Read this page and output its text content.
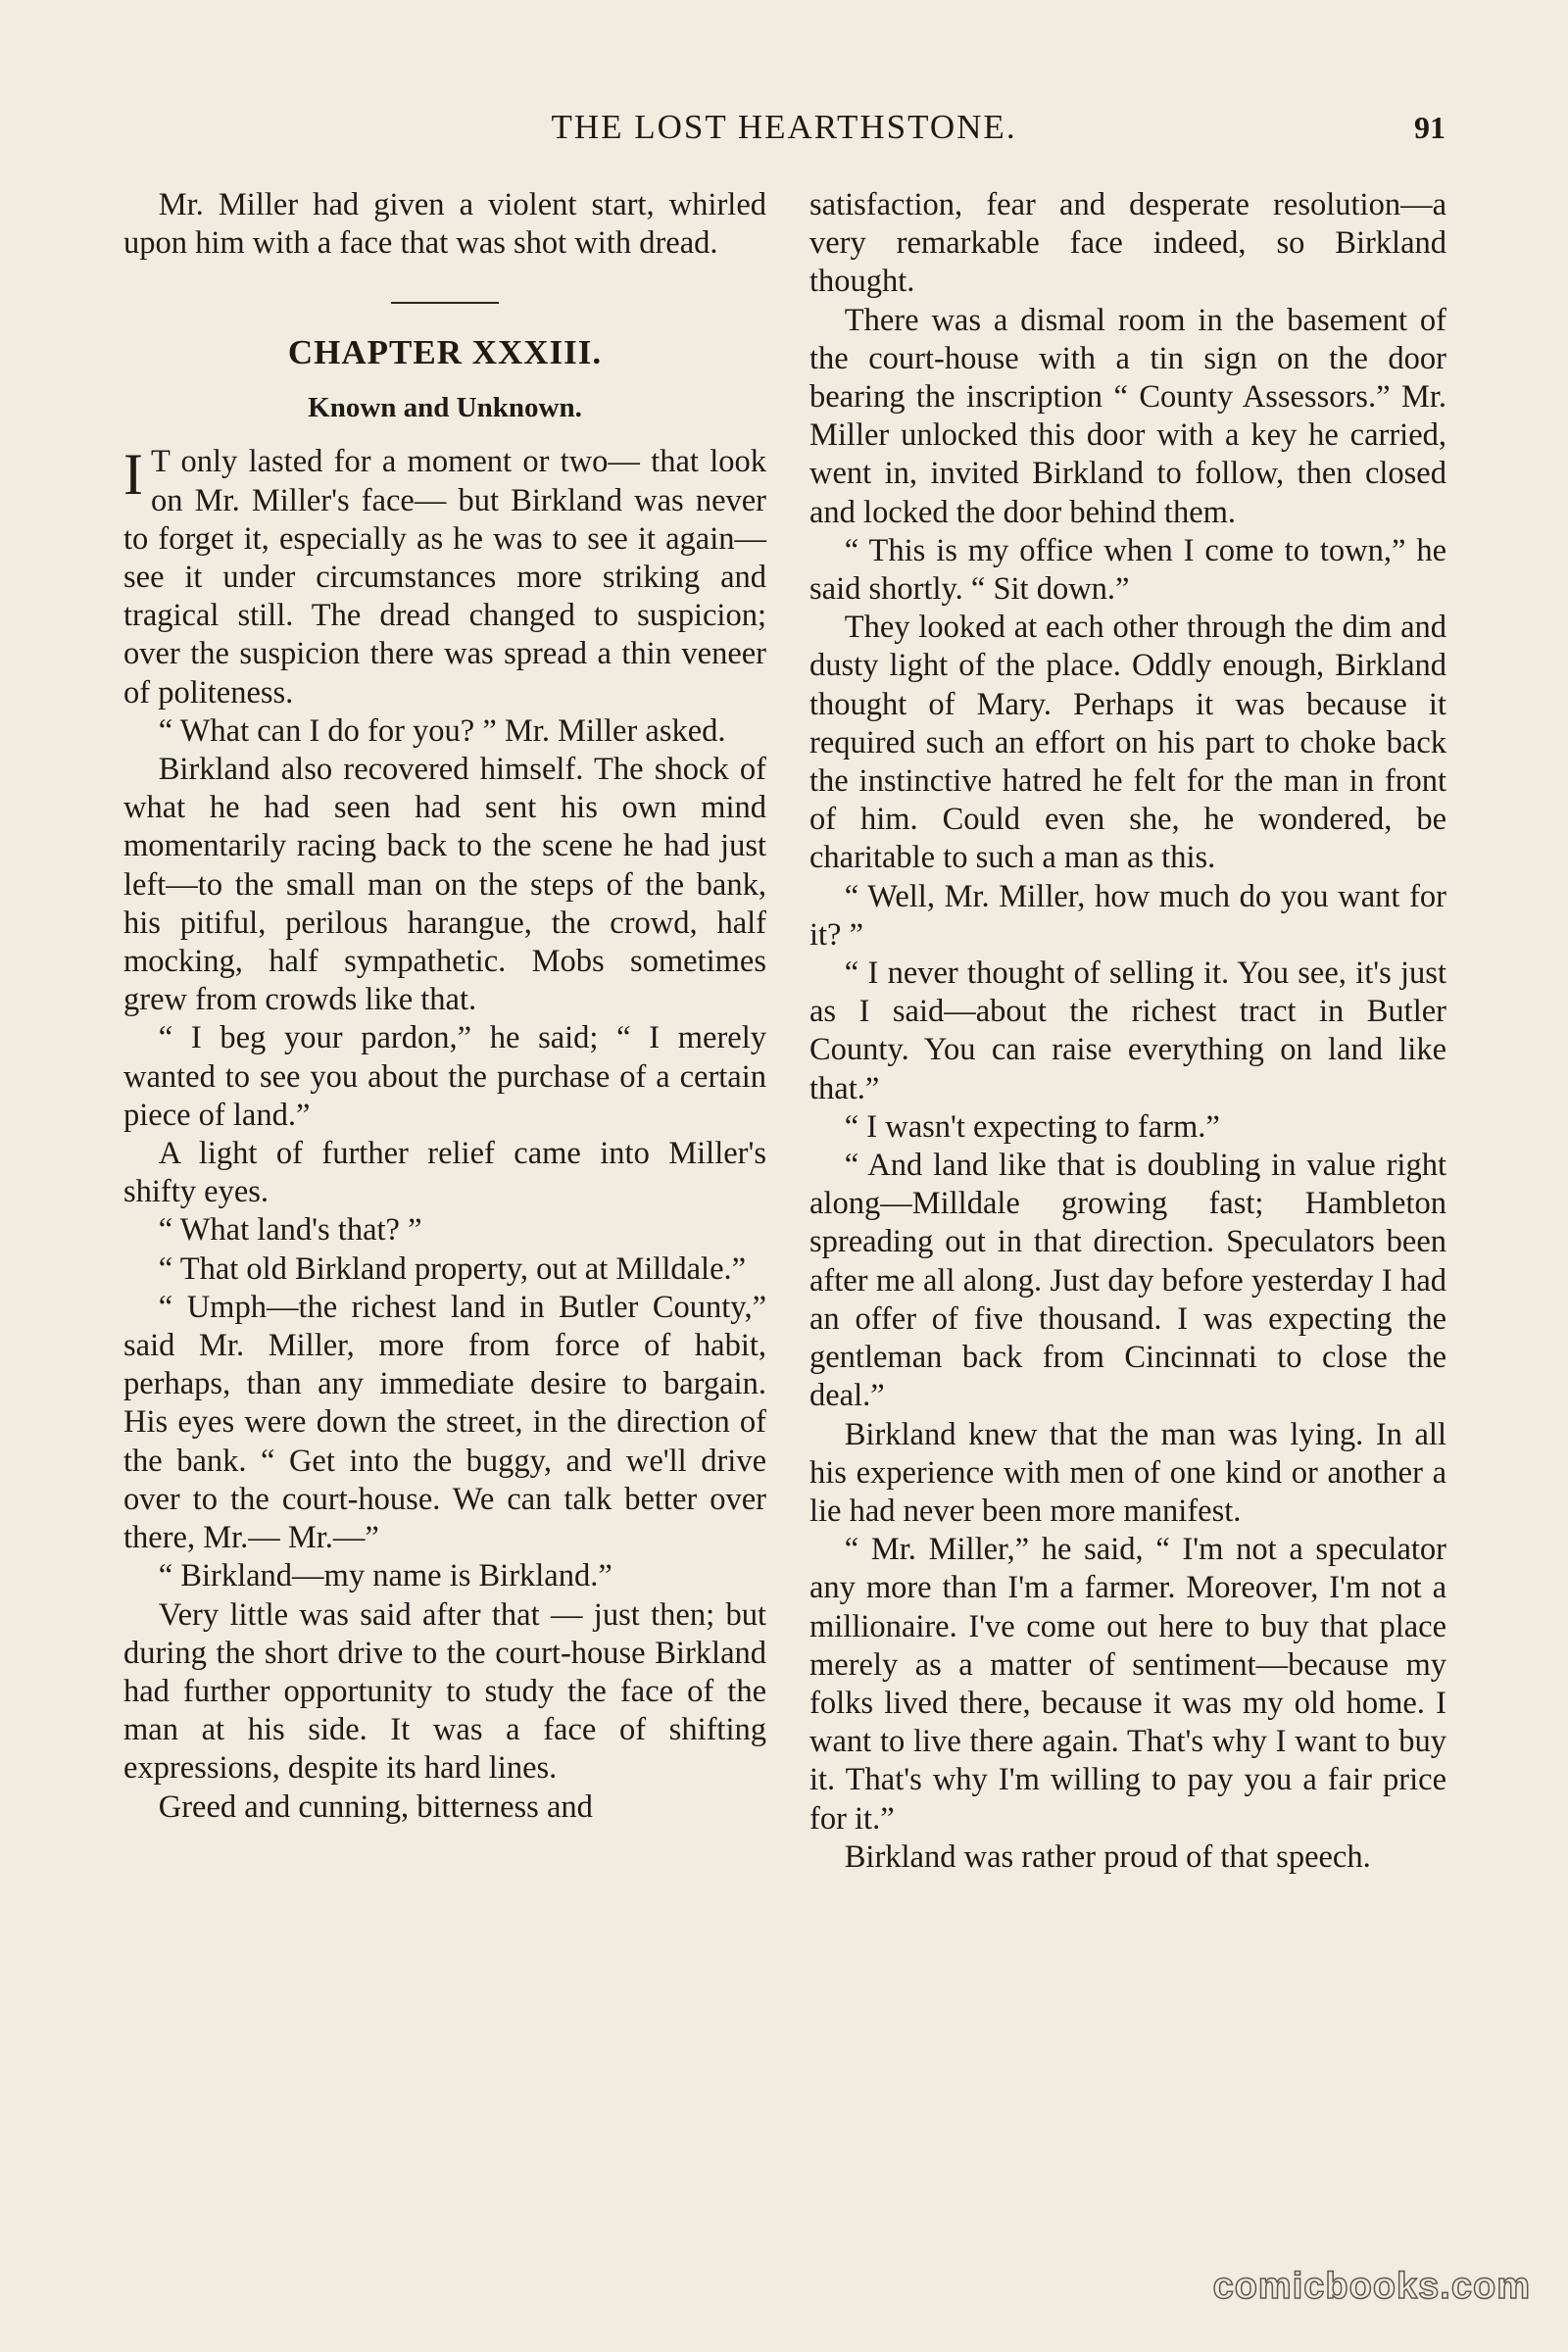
THE LOST HEARTHSTONE.	91

Mr. Miller had given a violent start, whirled upon him with a face that was shot with dread.

CHAPTER XXXIII.
Known and Unknown.

I T only lasted for a moment or two— that look on Mr. Miller's face— but Birkland was never to forget it, especially as he was to see it again—see it under circumstances more striking and tragical still. The dread changed to suspicion; over the suspicion there was spread a thin veneer of politeness.

“ What can I do for you? ” Mr. Miller asked.

Birkland also recovered himself. The shock of what he had seen had sent his own mind momentarily racing back to the scene he had just left—to the small man on the steps of the bank, his pitiful, perilous harangue, the crowd, half mocking, half sympathetic. Mobs sometimes grew from crowds like that.

“ I beg your pardon,” he said; “ I merely wanted to see you about the purchase of a certain piece of land.”

A light of further relief came into Miller's shifty eyes.

“ What land's that? ”

“ That old Birkland property, out at Milldale.”

“ Umph—the richest land in Butler County,” said Mr. Miller, more from force of habit, perhaps, than any immediate desire to bargain. His eyes were down the street, in the direction of the bank. “ Get into the buggy, and we'll drive over to the court-house. We can talk better over there, Mr.— Mr.—”

“ Birkland—my name is Birkland.”

Very little was said after that — just then; but during the short drive to the court-house Birkland had further opportunity to study the face of the man at his side. It was a face of shifting expressions, despite its hard lines.

Greed and cunning, bitterness and

satisfaction, fear and desperate resolution—a very remarkable face indeed, so Birkland thought.

There was a dismal room in the basement of the court-house with a tin sign on the door bearing the inscription “ County Assessors.” Mr. Miller unlocked this door with a key he carried, went in, invited Birkland to follow, then closed and locked the door behind them.

“ This is my office when I come to town,” he said shortly. “ Sit down.”

They looked at each other through the dim and dusty light of the place. Oddly enough, Birkland thought of Mary. Perhaps it was because it required such an effort on his part to choke back the instinctive hatred he felt for the man in front of him. Could even she, he wondered, be charitable to such a man as this.

“ Well, Mr. Miller, how much do you want for it? ”

“ I never thought of selling it. You see, it's just as I said—about the richest tract in Butler County. You can raise everything on land like that.”

“ I wasn't expecting to farm.”

“ And land like that is doubling in value right along—Milldale growing fast; Hambleton spreading out in that direction. Speculators been after me all along. Just day before yesterday I had an offer of five thousand. I was expecting the gentleman back from Cincinnati to close the deal.”

Birkland knew that the man was lying. In all his experience with men of one kind or another a lie had never been more manifest.

“ Mr. Miller,” he said, “ I'm not a speculator any more than I'm a farmer. Moreover, I'm not a millionaire. I've come out here to buy that place merely as a matter of sentiment—because my folks lived there, because it was my old home. I want to live there again. That's why I want to buy it. That's why I'm willing to pay you a fair price for it.”

Birkland was rather proud of that speech.

comicbooks.com
